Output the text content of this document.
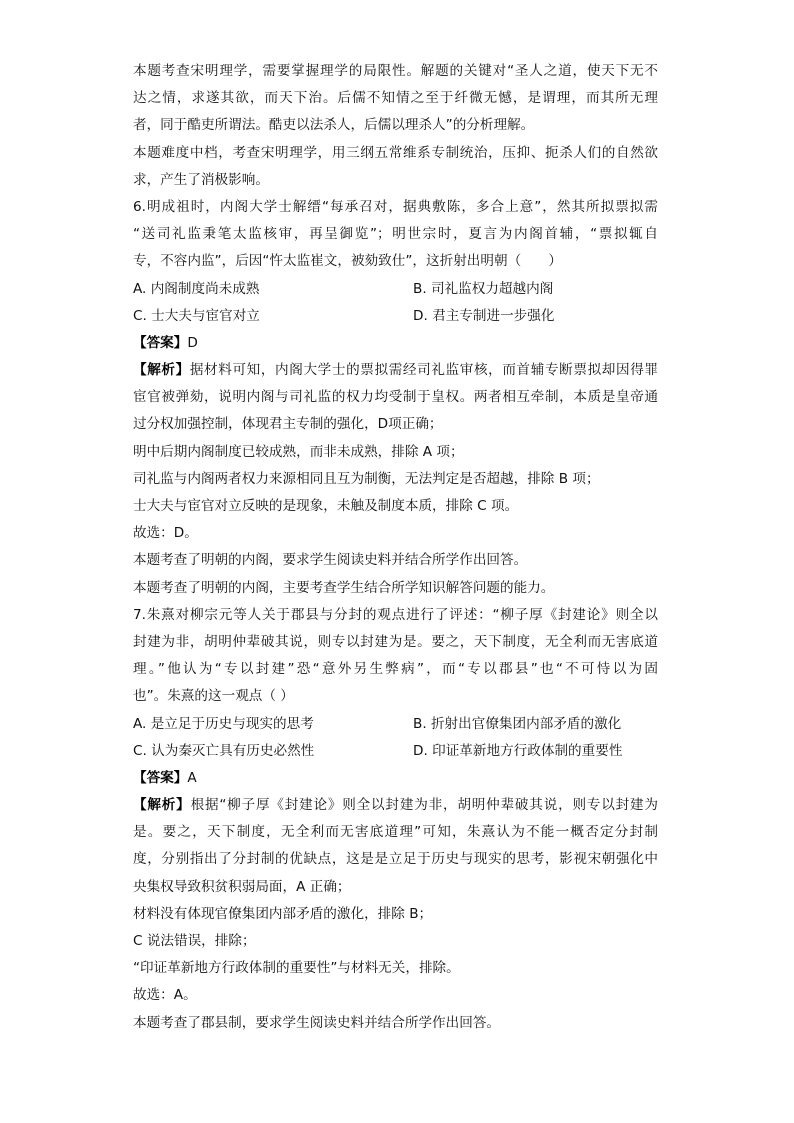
本题考查宋明理学，需要掌握理学的局限性。解题的关键对“圣人之道，使天下无不
达之情，求遂其欲，而天下治。后儒不知情之至于纤微无憾，是谓理，而其所无理
者，同于酷吏所谓法。酷吏以法杀人，后儒以理杀人”的分析理解。
本题难度中档，考查宋明理学，用三纲五常维系专制统治，压抑、扼杀人们的自然欲
求，产生了消极影响。
6.明成祖时，内阁大学士解缙“每承召对，据典敷陈，多合上意”，然其所拟票拟需
“送司礼监秉笔太监核审，再呈御览”；明世宗时，夏言为内阁首辅，“票拟辄自
专，不容内监”，后因“忤太监崔文，被劾致仕”，这折射出明朝（　　）
A. 内阁制度尚未成熟	B. 司礼监权力超越内阁
C. 士大夫与宦官对立	D. 君主专制进一步强化
【答案】D
【解析】据材料可知，内阁大学士的票拟需经司礼监审核，而首辅专断票拟却因得罪
宦官被弹劾，说明内阁与司礼监的权力均受制于皇权。两者相互牵制，本质是皇帝通
过分权加强控制，体现君主专制的强化，D项正确；
明中后期内阁制度已较成熟，而非未成熟，排除 A 项；
司礼监与内阁两者权力来源相同且互为制衡，无法判定是否超越，排除 B 项；
士大夫与宦官对立反映的是现象，未触及制度本质，排除 C 项。
故选：D。
本题考查了明朝的内阁，要求学生阅读史料并结合所学作出回答。
本题考查了明朝的内阁，主要考查学生结合所学知识解答问题的能力。
7.朱熹对柳宗元等人关于郡县与分封的观点进行了评述：“柳子厚《封建论》则全以
封建为非，胡明仲辈破其说，则专以封建为是。要之，天下制度，无全利而无害底道
理。”他认为“专以封建”恐“意外另生弊病”，而“专以郡县”也“不可恃以为固
也”。朱熹的这一观点（ ）
A. 是立足于历史与现实的思考	B. 折射出官僚集团内部矛盾的激化
C. 认为秦灭亡具有历史必然性	D. 印证革新地方行政体制的重要性
【答案】A
【解析】根据“柳子厚《封建论》则全以封建为非，胡明仲辈破其说，则专以封建为
是。要之，天下制度，无全利而无害底道理”可知，朱熹认为不能一概否定分封制
度，分别指出了分封制的优缺点，这是是立足于历史与现实的思考，影视宋朝强化中
央集权导致积贫积弱局面，A 正确；
材料没有体现官僚集团内部矛盾的激化，排除 B；
C 说法错误，排除；
“印证革新地方行政体制的重要性”与材料无关，排除。
故选：A。
本题考查了郡县制，要求学生阅读史料并结合所学作出回答。
